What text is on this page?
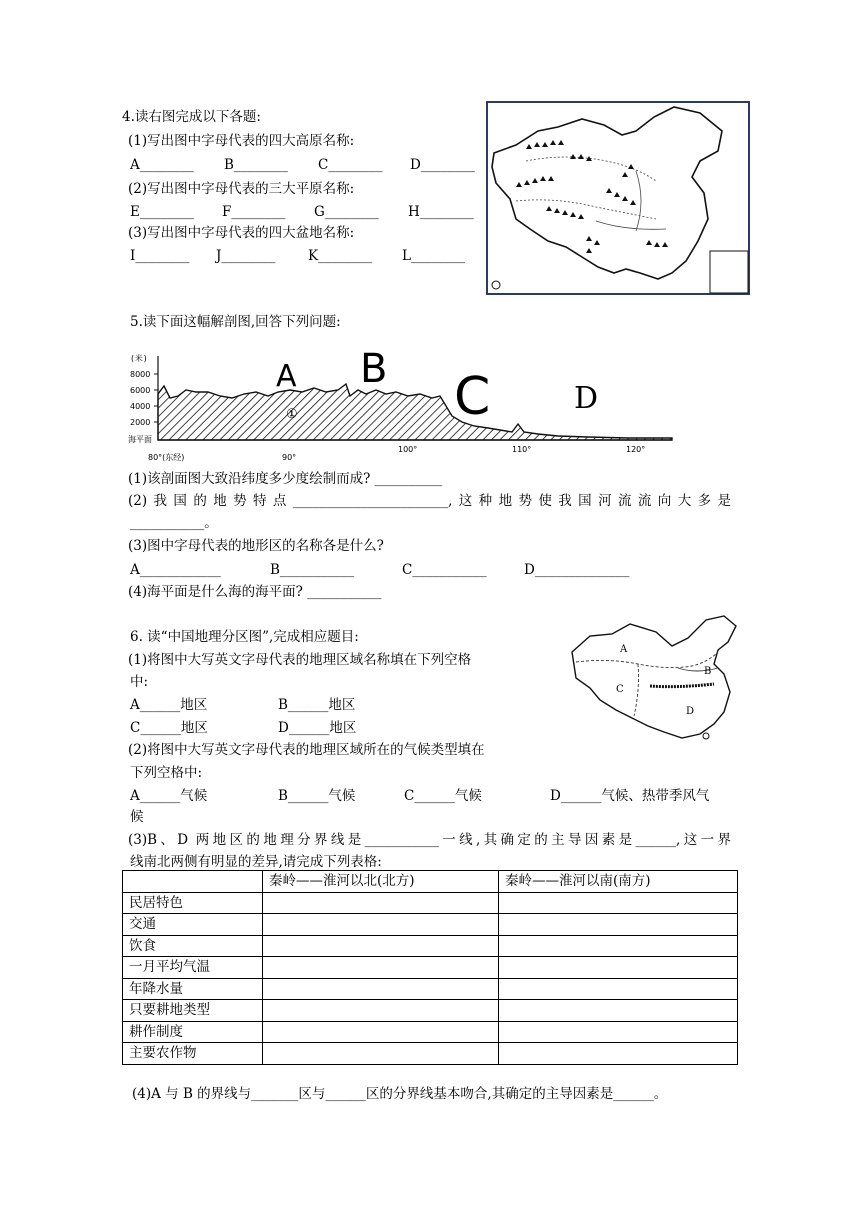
4.读右图完成以下各题:
(1)写出图中字母代表的四大高原名称:
A________ B________ C________ D________
(2)写出图中字母代表的三大平原名称:
E________ F________ G________ H________
(3)写出图中字母代表的四大盆地名称:
I________ J________ K________ L________
5.读下面这幅解剖图,回答下列问题:
(米)
8000
6000
4000
2000
海平面
A B C	D
①
80°(东经)	90°
100°	110°	120°
(1)该剖面图大致沿纬度多少度绘制而成? __________
(2)我国的地势特点_______________________,这种地势使我国河流流向大多是
___________。
(3)图中字母代表的地形区的名称各是什么?
A____________	B___________	C___________	D______________
(4)海平面是什么海的海平面? ___________
6. 读“中国地理分区图”,完成相应题目:
(1)将图中大写英文字母代表的地理区域名称填在下列空格
中:
A______地区	B______地区
C______地区	D______地区
(2)将图中大写英文字母代表的地理区域所在的气候类型填在
下列空格中:
A______气候	B______气候	C______气候	D______气候、热带季风气
候
(3)B、D 两地区的地理分界线是___________一线,其确定的主导因素是______,这一界
线南北两侧有明显的差异,请完成下列表格:
A
B
C
D
	秦岭——淮河以北(北方)	秦岭——淮河以南(南方)
民居特色		
交通		
饮食		
一月平均气温		
年降水量		
只要耕地类型		
耕作制度		
主要农作物		
(4)A 与 B 的界线与_______区与______区的分界线基本吻合,其确定的主导因素是______。
